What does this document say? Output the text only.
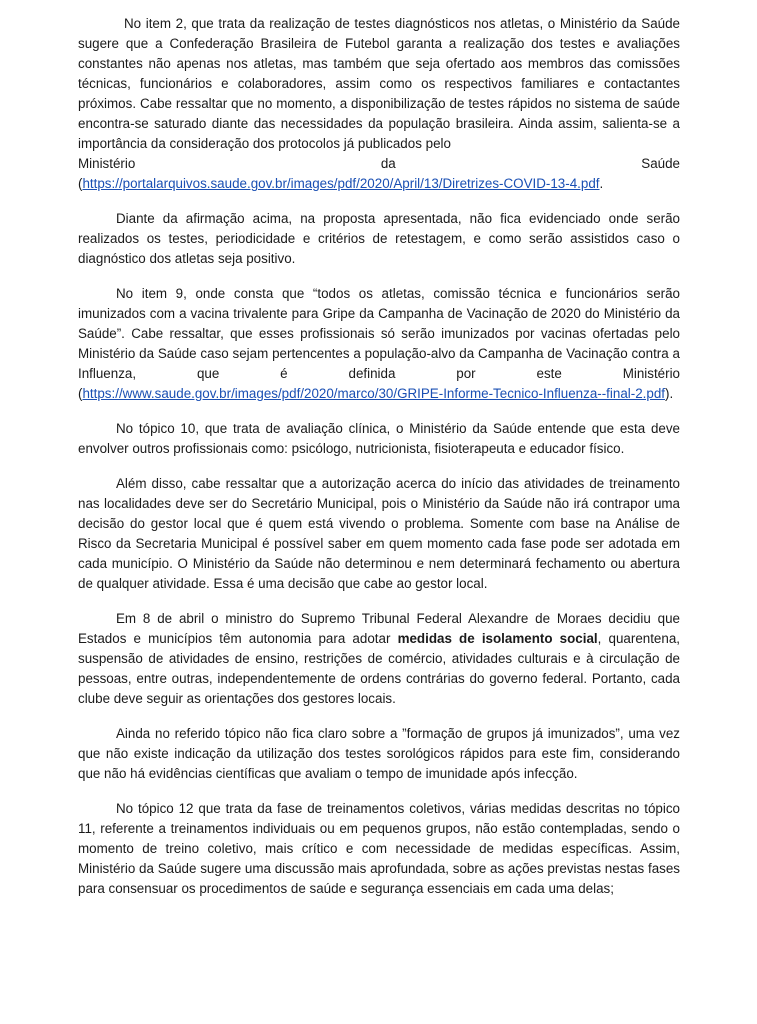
No item 2, que trata da realização de testes diagnósticos nos atletas, o Ministério da Saúde sugere que a Confederação Brasileira de Futebol garanta a realização dos testes e avaliações constantes não apenas nos atletas, mas também que seja ofertado aos membros das comissões técnicas, funcionários e colaboradores, assim como os respectivos familiares e contactantes próximos. Cabe ressaltar que no momento, a disponibilização de testes rápidos no sistema de saúde encontra-se saturado diante das necessidades da população brasileira. Ainda assim, salienta-se a importância da consideração dos protocolos já publicados pelo
Ministério	da	Saúde
(https://portalarquivos.saude.gov.br/images/pdf/2020/April/13/Diretrizes-COVID-13-4.pdf.

Diante da afirmação acima, na proposta apresentada, não fica evidenciado onde serão realizados os testes, periodicidade e critérios de retestagem, e como serão assistidos caso o diagnóstico dos atletas seja positivo.

No item 9, onde consta que “todos os atletas, comissão técnica e funcionários serão imunizados com a vacina trivalente para Gripe da Campanha de Vacinação de 2020 do Ministério da Saúde”. Cabe ressaltar, que esses profissionais só serão imunizados por vacinas ofertadas pelo Ministério da Saúde caso sejam pertencentes a população-alvo da Campanha de Vacinação contra a Influenza, que é definida por este Ministério (https://www.saude.gov.br/images/pdf/2020/marco/30/GRIPE-Informe-Tecnico-Influenza--final-2.pdf).

No tópico 10, que trata de avaliação clínica, o Ministério da Saúde entende que esta deve envolver outros profissionais como: psicólogo, nutricionista, fisioterapeuta e educador físico.

Além disso, cabe ressaltar que a autorização acerca do início das atividades de treinamento nas localidades deve ser do Secretário Municipal, pois o Ministério da Saúde não irá contrapor uma decisão do gestor local que é quem está vivendo o problema. Somente com base na Análise de Risco da Secretaria Municipal é possível saber em quem momento cada fase pode ser adotada em cada município. O Ministério da Saúde não determinou e nem determinará fechamento ou abertura de qualquer atividade. Essa é uma decisão que cabe ao gestor local.

Em 8 de abril o ministro do Supremo Tribunal Federal Alexandre de Moraes decidiu que Estados e municípios têm autonomia para adotar medidas de isolamento social, quarentena, suspensão de atividades de ensino, restrições de comércio, atividades culturais e à circulação de pessoas, entre outras, independentemente de ordens contrárias do governo federal. Portanto, cada clube deve seguir as orientações dos gestores locais.

Ainda no referido tópico não fica claro sobre a ”formação de grupos já imunizados”, uma vez que não existe indicação da utilização dos testes sorológicos rápidos para este fim, considerando que não há evidências científicas que avaliam o tempo de imunidade após infecção.

No tópico 12 que trata da fase de treinamentos coletivos, várias medidas descritas no tópico 11, referente a treinamentos individuais ou em pequenos grupos, não estão contempladas, sendo o momento de treino coletivo, mais crítico e com necessidade de medidas específicas. Assim, Ministério da Saúde sugere uma discussão mais aprofundada, sobre as ações previstas nestas fases para consensuar os procedimentos de saúde e segurança essenciais em cada uma delas;
